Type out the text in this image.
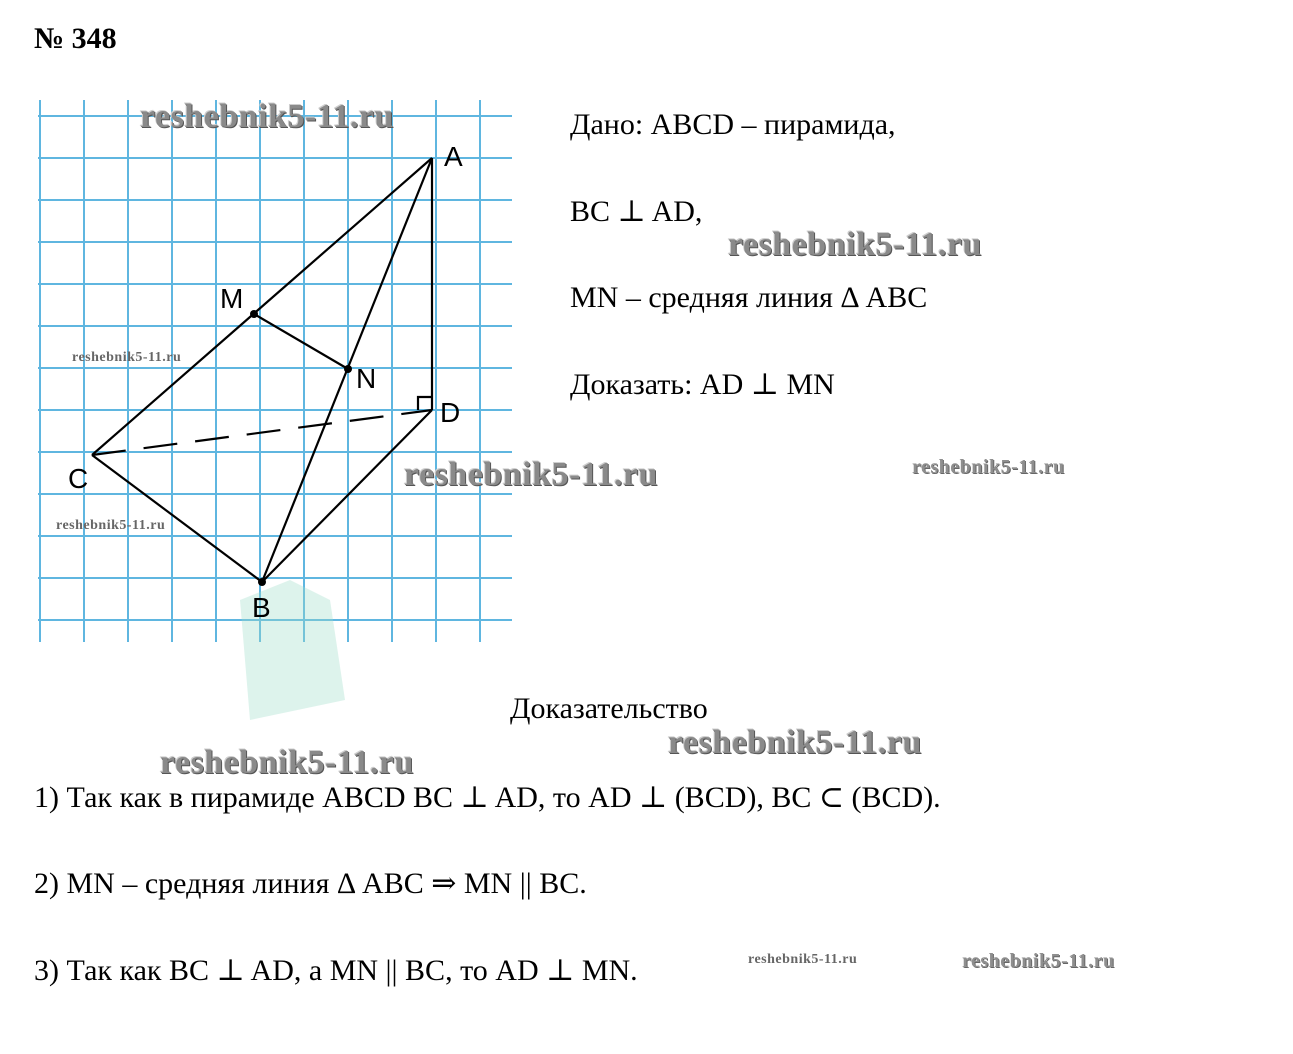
№ 348
A
M
N
D
C
B
Дано: ABCD – пирамида,
BC ⊥ AD,
MN – средняя линия Δ ABC
Доказать: AD ⊥ MN
Доказательство
1) Так как в пирамиде ABCD BC ⊥ AD, то AD ⊥ (BCD), BC ⊂ (BCD).
2) MN – средняя линия Δ ABC ⇒ MN || BC.
3) Так как BC ⊥ AD, а MN || BC, то AD ⊥ MN.
reshebnik5-11.ru
reshebnik5-11.ru
reshebnik5-11.ru
reshebnik5-11.ru	reshebnik5-11.ru
reshebnik5-11.ru
reshebnik5-11.ru
reshebnik5-11.ru
reshebnik5-11.ru	reshebnik5-11.ru
